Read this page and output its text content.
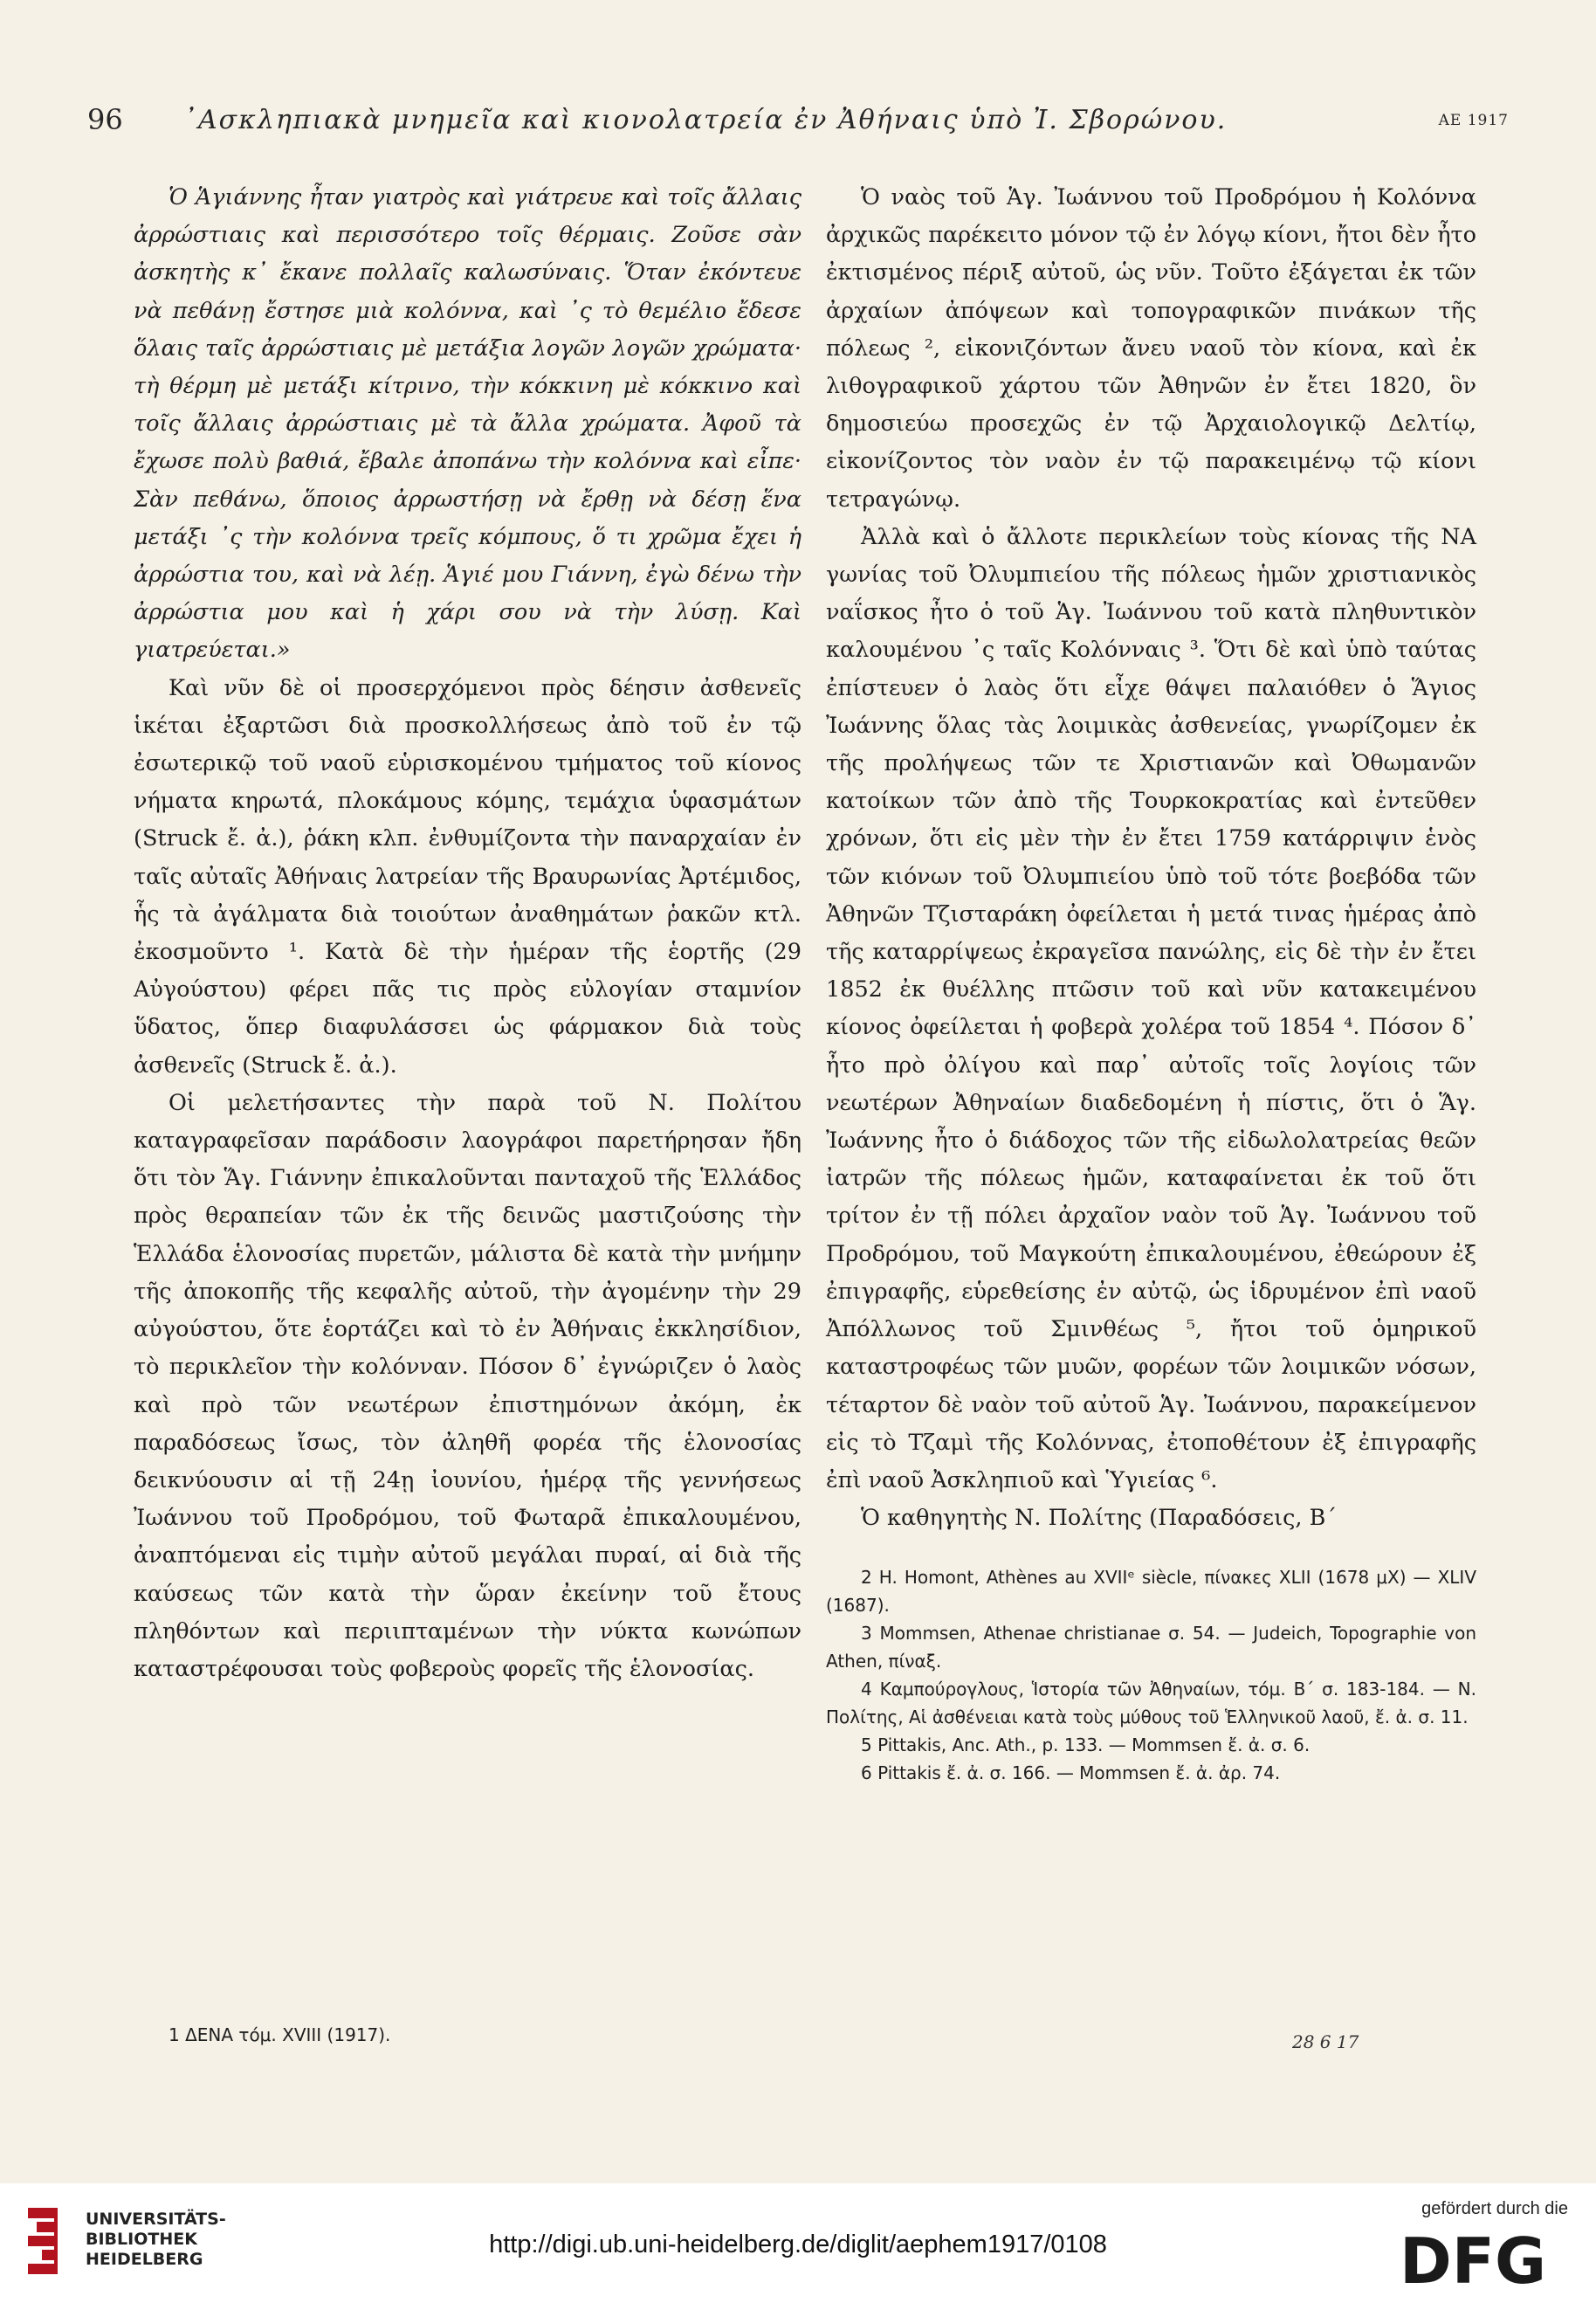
96 ᾿Ασκληπιακὰ μνημεῖα καὶ κιονολατρεία ἐν Ἀθήναις ὑπὸ Ἰ. Σβορώνου.	ΑΕ 1917

Ὁ Ἁγιάννης ἦταν γιατρὸς καὶ γιάτρευε καὶ τοῖς ἄλλαις ἀρρώστιαις καὶ περισσότερο τοῖς θέρμαις. Ζοῦσε σὰν ἀσκητὴς κ᾿ ἔκανε πολλαῖς καλωσύναις. Ὅταν ἐκόντευε νὰ πεθάνῃ ἔστησε μιὰ κολόννα, καὶ ᾿ς τὸ θεμέλιο ἔδεσε ὅλαις ταῖς ἀρρώστιαις μὲ μετάξια λογῶν λογῶν χρώματα· τὴ θέρμη μὲ μετάξι κίτρινο, τὴν κόκκινη μὲ κόκκινο καὶ τοῖς ἄλλαις ἀρρώστιαις μὲ τὰ ἄλλα χρώματα. Ἀφοῦ τὰ ἔχωσε πολὺ βαθιά, ἔβαλε ἀποπάνω τὴν κολόννα καὶ εἶπε· Σὰν πεθάνω, ὅποιος ἀρρωστήσῃ νὰ ἔρθῃ νὰ δέσῃ ἕνα μετάξι ᾿ς τὴν κολόννα τρεῖς κόμπους, ὅ τι χρῶμα ἔχει ἡ ἀρρώστια του, καὶ νὰ λέῃ. Ἁγιέ μου Γιάννη, ἐγὼ δένω τὴν ἀρρώστια μου καὶ ἡ χάρι σου νὰ τὴν λύσῃ. Καὶ γιατρεύεται.»

Καὶ νῦν δὲ οἱ προσερχόμενοι πρὸς δέησιν ἀσθενεῖς ἱκέται ἐξαρτῶσι διὰ προσκολλήσεως ἀπὸ τοῦ ἐν τῷ ἐσωτερικῷ τοῦ ναοῦ εὑρισκομένου τμήματος τοῦ κίονος νήματα κηρωτά, πλοκάμους κόμης, τεμάχια ὑφασμάτων (Struck ἔ. ἀ.), ῥάκη κλπ. ἐνθυμίζοντα τὴν παναρχαίαν ἐν ταῖς αὐταῖς Ἀθήναις λατρείαν τῆς Βραυρωνίας Ἀρτέμιδος, ἧς τὰ ἀγάλματα διὰ τοιούτων ἀναθημάτων ῥακῶν κτλ. ἐκοσμοῦντο ¹. Κατὰ δὲ τὴν ἡμέραν τῆς ἑορτῆς (29 Αὐγούστου) φέρει πᾶς τις πρὸς εὐλογίαν σταμνίον ὕδατος, ὅπερ διαφυλάσσει ὡς φάρμακον διὰ τοὺς ἀσθενεῖς (Struck ἔ. ἀ.).

Οἱ μελετήσαντες τὴν παρὰ τοῦ Ν. Πολίτου καταγραφεῖσαν παράδοσιν λαογράφοι παρετήρησαν ἤδη ὅτι τὸν Ἅγ. Γιάννην ἐπικαλοῦνται πανταχοῦ τῆς Ἑλλάδος πρὸς θεραπείαν τῶν ἐκ τῆς δεινῶς μαστιζούσης τὴν Ἑλλάδα ἑλονοσίας πυρετῶν, μάλιστα δὲ κατὰ τὴν μνήμην τῆς ἀποκοπῆς τῆς κεφαλῆς αὐτοῦ, τὴν ἀγομένην τὴν 29 αὐγούστου, ὅτε ἑορτάζει καὶ τὸ ἐν Ἀθήναις ἐκκλησίδιον, τὸ περικλεῖον τὴν κολόνναν. Πόσον δ᾿ ἐγνώριζεν ὁ λαὸς καὶ πρὸ τῶν νεωτέρων ἐπιστημόνων ἀκόμη, ἐκ παραδόσεως ἴσως, τὸν ἀληθῆ φορέα τῆς ἑλονοσίας δεικνύουσιν αἱ τῇ 24ῃ ἰουνίου, ἡμέρᾳ τῆς γεννήσεως Ἰωάννου τοῦ Προδρόμου, τοῦ Φωταρᾶ ἐπικαλουμένου, ἀναπτόμεναι εἰς τιμὴν αὐτοῦ μεγάλαι πυραί, αἱ διὰ τῆς καύσεως τῶν κατὰ τὴν ὥραν ἐκείνην τοῦ ἔτους πληθόντων καὶ περιιπταμένων τὴν νύκτα κωνώπων καταστρέφουσαι τοὺς φοβεροὺς φορεῖς τῆς ἑλονοσίας.

1 ΔΕΝΑ τόμ. XVIII (1917).

Ὁ ναὸς τοῦ Ἁγ. Ἰωάννου τοῦ Προδρόμου ἡ Κολόννα ἀρχικῶς παρέκειτο μόνον τῷ ἐν λόγῳ κίονι, ἤτοι δὲν ἦτο ἐκτισμένος πέριξ αὐτοῦ, ὡς νῦν. Τοῦτο ἐξάγεται ἐκ τῶν ἀρχαίων ἀπόψεων καὶ τοπογραφικῶν πινάκων τῆς πόλεως ², εἰκονιζόντων ἄνευ ναοῦ τὸν κίονα, καὶ ἐκ λιθογραφικοῦ χάρτου τῶν Ἀθηνῶν ἐν ἔτει 1820, ὃν δημοσιεύω προσεχῶς ἐν τῷ Ἀρχαιολογικῷ Δελτίῳ, εἰκονίζοντος τὸν ναὸν ἐν τῷ παρακειμένῳ τῷ κίονι τετραγώνῳ.

Ἀλλὰ καὶ ὁ ἄλλοτε περικλείων τοὺς κίονας τῆς ΝΑ γωνίας τοῦ Ὀλυμπιείου τῆς πόλεως ἡμῶν χριστιανικὸς ναΐσκος ἦτο ὁ τοῦ Ἁγ. Ἰωάννου τοῦ κατὰ πληθυντικὸν καλουμένου ᾿ς ταῖς Κολόνναις ³. Ὅτι δὲ καὶ ὑπὸ ταύτας ἐπίστευεν ὁ λαὸς ὅτι εἶχε θάψει παλαιόθεν ὁ Ἅγιος Ἰωάννης ὅλας τὰς λοιμικὰς ἀσθενείας, γνωρίζομεν ἐκ τῆς προλήψεως τῶν τε Χριστιανῶν καὶ Ὀθωμανῶν κατοίκων τῶν ἀπὸ τῆς Τουρκοκρατίας καὶ ἐντεῦθεν χρόνων, ὅτι εἰς μὲν τὴν ἐν ἔτει 1759 κατάρριψιν ἑνὸς τῶν κιόνων τοῦ Ὀλυμπιείου ὑπὸ τοῦ τότε βοεβόδα τῶν Ἀθηνῶν Τζισταράκη ὀφείλεται ἡ μετά τινας ἡμέρας ἀπὸ τῆς καταρρίψεως ἐκραγεῖσα πανώλης, εἰς δὲ τὴν ἐν ἔτει 1852 ἐκ θυέλλης πτῶσιν τοῦ καὶ νῦν κατακειμένου κίονος ὀφείλεται ἡ φοβερὰ χολέρα τοῦ 1854 ⁴. Πόσον δ᾿ ἦτο πρὸ ὀλίγου καὶ παρ᾿ αὐτοῖς τοῖς λογίοις τῶν νεωτέρων Ἀθηναίων διαδεδομένη ἡ πίστις, ὅτι ὁ Ἅγ. Ἰωάννης ἦτο ὁ διάδοχος τῶν τῆς εἰδωλολατρείας θεῶν ἰατρῶν τῆς πόλεως ἡμῶν, καταφαίνεται ἐκ τοῦ ὅτι τρίτον ἐν τῇ πόλει ἀρχαῖον ναὸν τοῦ Ἁγ. Ἰωάννου τοῦ Προδρόμου, τοῦ Μαγκούτη ἐπικαλουμένου, ἐθεώρουν ἐξ ἐπιγραφῆς, εὑρεθείσης ἐν αὐτῷ, ὡς ἱδρυμένον ἐπὶ ναοῦ Ἀπόλλωνος τοῦ Σμινθέως ⁵, ἤτοι τοῦ ὁμηρικοῦ καταστροφέως τῶν μυῶν, φορέων τῶν λοιμικῶν νόσων, τέταρτον δὲ ναὸν τοῦ αὐτοῦ Ἁγ. Ἰωάννου, παρακείμενον εἰς τὸ Τζαμὶ τῆς Κολόννας, ἐτοποθέτουν ἐξ ἐπιγραφῆς ἐπὶ ναοῦ Ἀσκληπιοῦ καὶ Ὑγιείας ⁶.

Ὁ καθηγητὴς Ν. Πολίτης (Παραδόσεις, Β´

2 H. Homont, Athènes au XVIIᵉ siècle, πίνακες XLII (1678 μΧ) — XLIV (1687).

3 Mommsen, Athenae christianae σ. 54. — Judeich, Topographie von Athen, πίναξ.

4 Καμπούρογλους, Ἱστορία τῶν Ἀθηναίων, τόμ. Β´ σ. 183-184. — Ν. Πολίτης, Αἱ ἀσθένειαι κατὰ τοὺς μύθους τοῦ Ἑλληνικοῦ λαοῦ, ἔ. ἀ. σ. 11.

5 Pittakis, Anc. Ath., p. 133. — Mommsen ἔ. ἀ. σ. 6.

6 Pittakis ἔ. ἀ. σ. 166. — Mommsen ἔ. ἀ. ἀρ. 74.

28 6 17
UNIVERSITÄTS-
BIBLIOTHEK
HEIDELBERG
http://digi.ub.uni-heidelberg.de/diglit/aephem1917/0108
gefördert durch die
DFG
